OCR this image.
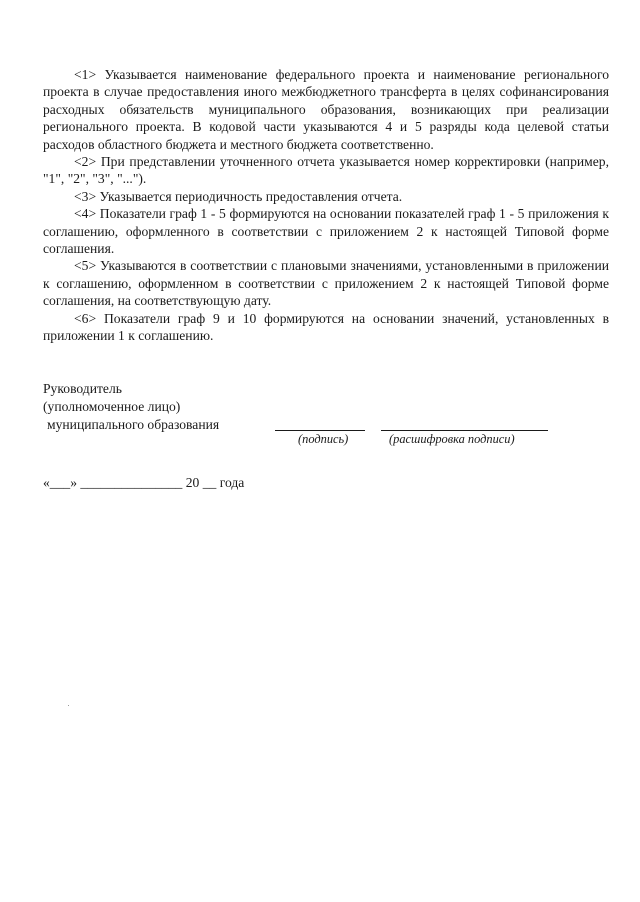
<1> Указывается наименование федерального проекта и наименование регионального проекта в случае предоставления иного межбюджетного трансферта в целях софинансирования расходных обязательств муниципального образования, возникающих при реализации регионального проекта. В кодовой части указываются 4 и 5 разряды кода целевой статьи расходов областного бюджета и местного бюджета соответственно.

<2> При представлении уточненного отчета указывается номер корректировки (например, "1", "2", "3", "...").

<3> Указывается периодичность предоставления отчета.

<4> Показатели граф 1 - 5 формируются на основании показателей граф 1 - 5 приложения к соглашению, оформленного в соответствии с приложением 2 к настоящей Типовой форме соглашения.

<5> Указываются в соответствии с плановыми значениями, установленными в приложении к соглашению, оформленном в соответствии с приложением 2 к настоящей Типовой форме соглашения, на соответствующую дату.

<6> Показатели граф 9 и 10 формируются на основании значений, установленных в приложении 1 к соглашению.

Руководитель
(уполномоченное лицо)
муниципального образования
(подпись)	(расшифровка подписи)
«___» _______________ 20 __ года
